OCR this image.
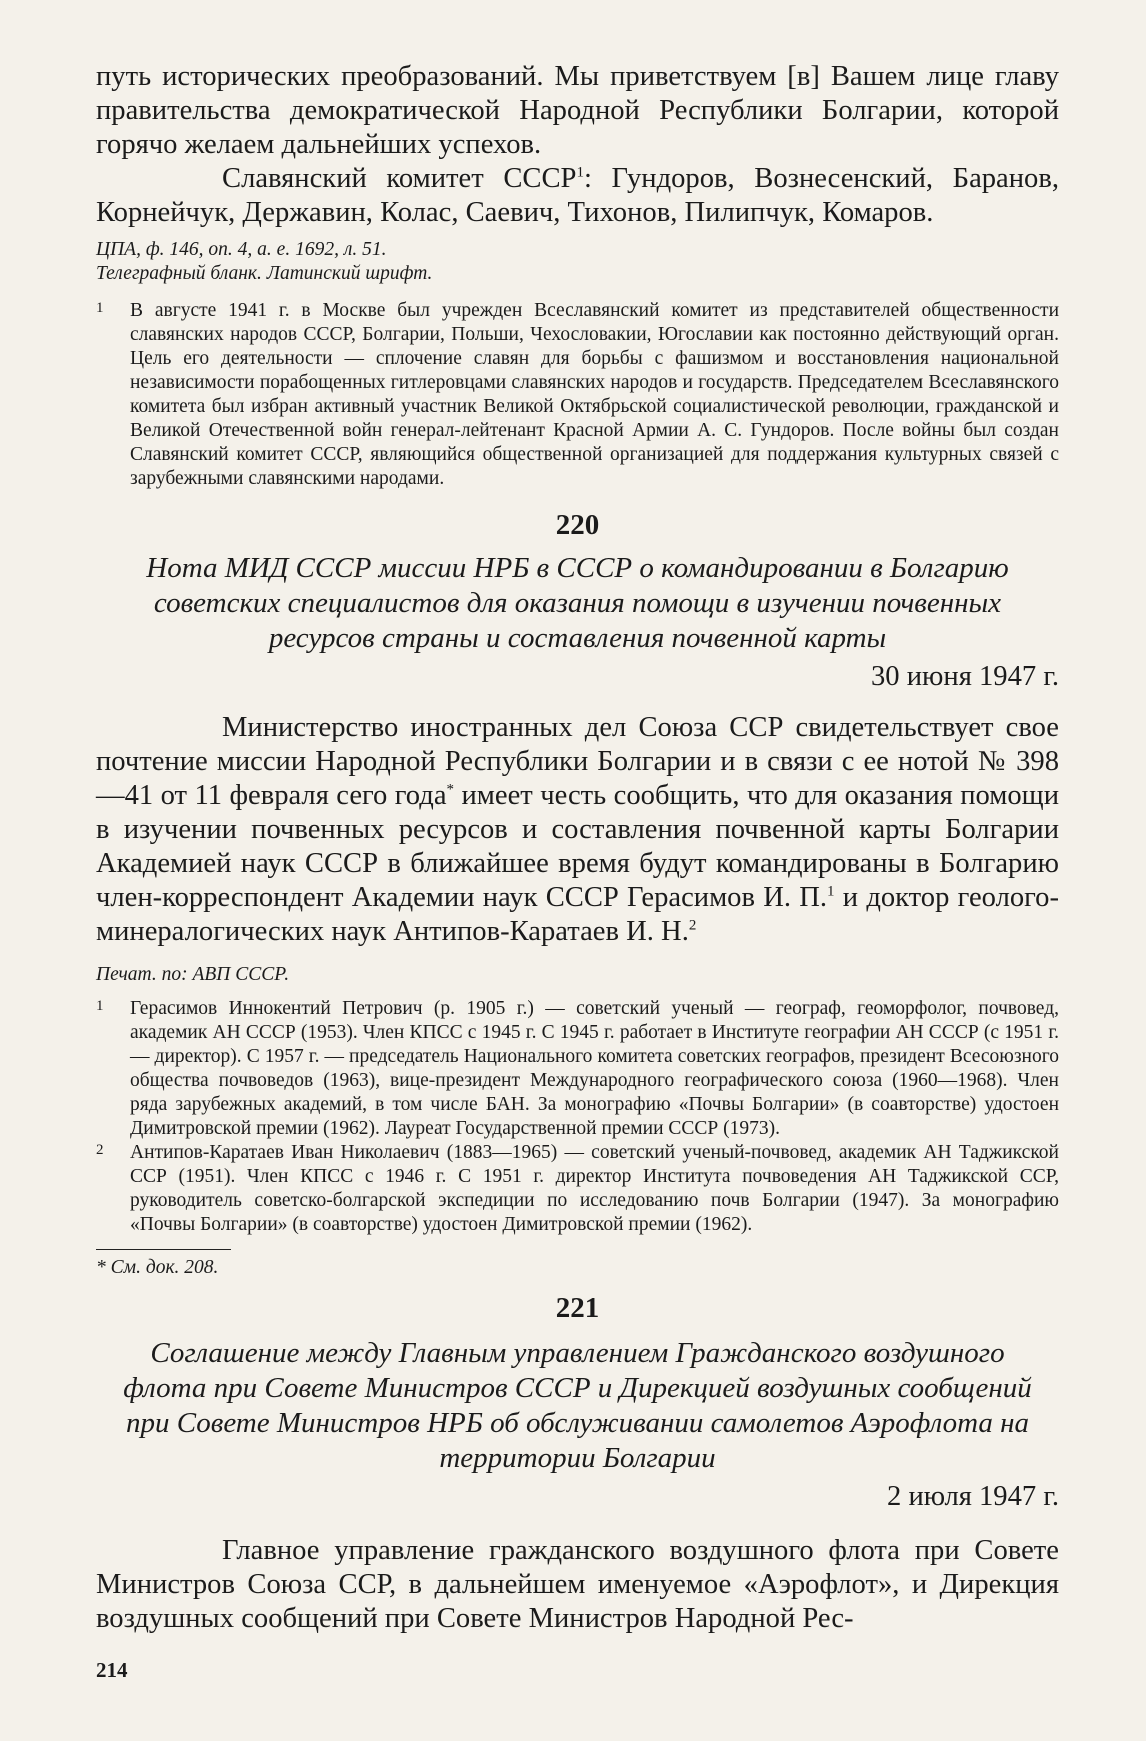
путь исторических преобразований. Мы приветствуем [в] Вашем лице главу правительства демократической Народной Республики Болгарии, которой горячо желаем дальнейших успехов.

Славянский комитет СССР$^1$: Гундоров, Вознесенский, Баранов, Корнейчук, Державин, Колас, Саевич, Тихонов, Пилипчук, Комаров.

ЦПА, ф. 146, оп. 4, а. е. 1692, л. 51.

Телеграфный бланк. Латинский шрифт.

1 В августе 1941 г. в Москве был учрежден Всеславянский комитет из представителей общественности славянских народов СССР, Болгарии, Польши, Чехословакии, Югославии как постоянно действующий орган. Цель его деятельности — сплочение славян для борьбы с фашизмом и восстановления национальной независимости порабощенных гитлеровцами славянских народов и государств. Председателем Всеславянского комитета был избран активный участник Великой Октябрьской социалистической революции, гражданской и Великой Отечественной войн генерал-лейтенант Красной Армии А. С. Гундоров. После войны был создан Славянский комитет СССР, являющийся общественной организацией для поддержания культурных связей с зарубежными славянскими народами.

220

Нота МИД СССР миссии НРБ в СССР о командировании в Болгарию советских специалистов для оказания помощи в изучении почвенных ресурсов страны и составления почвенной карты

30 июня 1947 г.

Министерство иностранных дел Союза ССР свидетельствует свое почтение миссии Народной Республики Болгарии и в связи с ее нотой № 398—41 от 11 февраля сего года* имеет честь сообщить, что для оказания помощи в изучении почвенных ресурсов и составления почвенной карты Болгарии Академией наук СССР в ближайшее время будут командированы в Болгарию член-корреспондент Академии наук СССР Герасимов И. П.$^1$ и доктор геолого-минералогических наук Антипов-Каратаев И. Н.$^2$

Печат. по: АВП СССР.

1 Герасимов Иннокентий Петрович (р. 1905 г.) — советский ученый — географ, геоморфолог, почвовед, академик АН СССР (1953). Член КПСС с 1945 г. С 1945 г. работает в Институте географии АН СССР (с 1951 г. — директор). С 1957 г. — председатель Национального комитета советских географов, президент Всесоюзного общества почвоведов (1963), вице-президент Международного географического союза (1960—1968). Член ряда зарубежных академий, в том числе БАН. За монографию «Почвы Болгарии» (в соавторстве) удостоен Димитровской премии (1962). Лауреат Государственной премии СССР (1973).

2 Антипов-Каратаев Иван Николаевич (1883—1965) — советский ученый-почвовед, академик АН Таджикской ССР (1951). Член КПСС с 1946 г. С 1951 г. директор Института почвоведения АН Таджикской ССР, руководитель советско-болгарской экспедиции по исследованию почв Болгарии (1947). За монографию «Почвы Болгарии» (в соавторстве) удостоен Димитровской премии (1962).

* См. док. 208.

221

Соглашение между Главным управлением Гражданского воздушного флота при Совете Министров СССР и Дирекцией воздушных сообщений при Совете Министров НРБ об обслуживании самолетов Аэрофлота на территории Болгарии

2 июля 1947 г.

Главное управление гражданского воздушного флота при Совете Министров Союза ССР, в дальнейшем именуемое «Аэрофлот», и Дирекция воздушных сообщений при Совете Министров Народной Рес-

214
